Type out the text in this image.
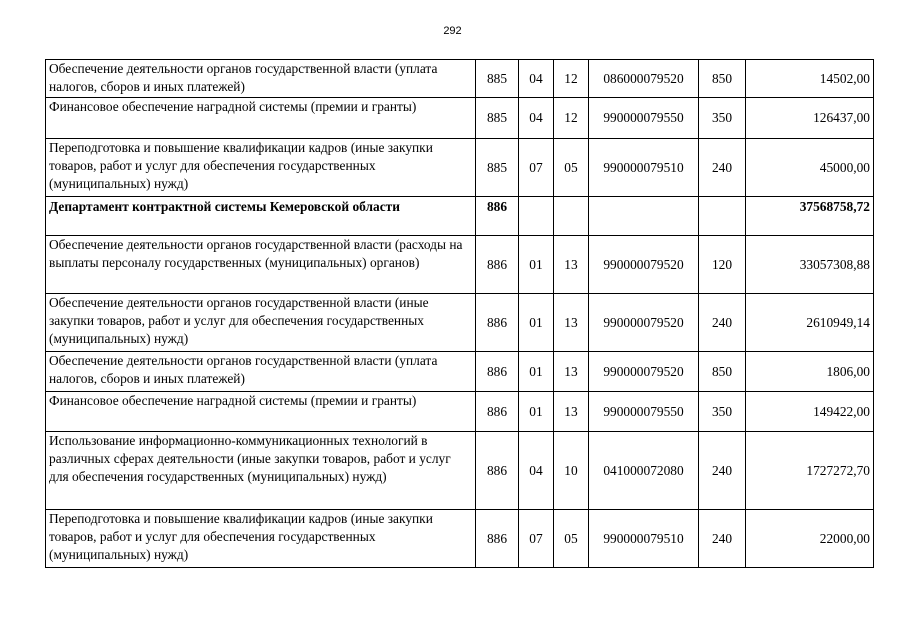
292
Обеспечение деятельности органов государственной власти (уплата налогов, сборов и иных платежей)	885	04	12	086000079520	850	14502,00
Финансовое обеспечение наградной системы (премии и гранты)	885	04	12	990000079550	350	126437,00
Переподготовка и повышение квалификации кадров (иные закупки товаров, работ и услуг для обеспечения государственных (муниципальных) нужд)	885	07	05	990000079510	240	45000,00
Департамент контрактной системы Кемеровской области	886					37568758,72
Обеспечение деятельности органов государственной власти (расходы на выплаты персоналу государственных (муниципальных) органов)	886	01	13	990000079520	120	33057308,88
Обеспечение деятельности органов государственной власти (иные закупки товаров, работ и услуг для обеспечения государственных (муниципальных) нужд)	886	01	13	990000079520	240	2610949,14
Обеспечение деятельности органов государственной власти (уплата налогов, сборов и иных платежей)	886	01	13	990000079520	850	1806,00
Финансовое обеспечение наградной системы (премии и гранты)	886	01	13	990000079550	350	149422,00
Использование информационно-коммуникационных технологий в различных сферах деятельности (иные закупки товаров, работ и услуг для обеспечения государственных (муниципальных) нужд)	886	04	10	041000072080	240	1727272,70
Переподготовка и повышение квалификации кадров (иные закупки товаров, работ и услуг для обеспечения государственных (муниципальных) нужд)	886	07	05	990000079510	240	22000,00
